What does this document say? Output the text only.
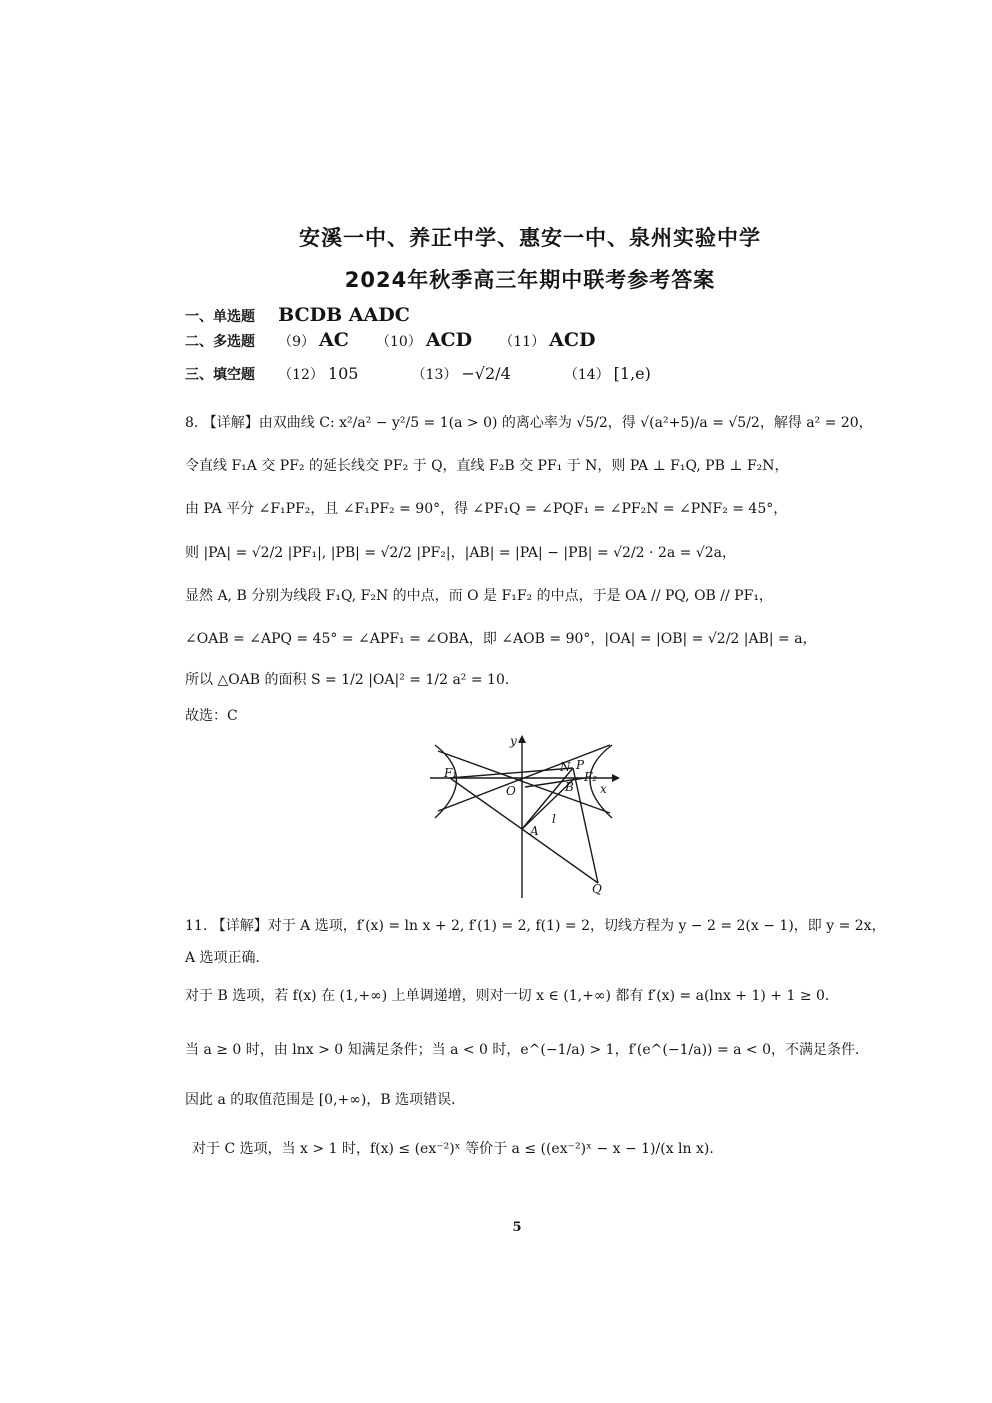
安溪一中、养正中学、惠安一中、泉州实验中学
2024年秋季高三年期中联考参考答案
一、单选题 BCDB AADC
二、多选题 （9） AC （10） ACD （11） ACD
三、填空题 （12） 105	（13） −√2/4	（14） [1,e)
8. 【详解】由双曲线 C: x²/a² − y²/5 = 1(a > 0) 的离心率为 √5/2，得 √(a²+5)/a = √5/2，解得 a² = 20，
令直线 F₁A 交 PF₂ 的延长线交 PF₂ 于 Q，直线 F₂B 交 PF₁ 于 N，则 PA ⊥ F₁Q, PB ⊥ F₂N，
由 PA 平分 ∠F₁PF₂，且 ∠F₁PF₂ = 90°，得 ∠PF₁Q = ∠PQF₁ = ∠PF₂N = ∠PNF₂ = 45°，
则 |PA| = √2/2 |PF₁|, |PB| = √2/2 |PF₂|，|AB| = |PA| − |PB| = √2/2 · 2a = √2a，
显然 A, B 分别为线段 F₁Q, F₂N 的中点，而 O 是 F₁F₂ 的中点，于是 OA // PQ, OB // PF₁，
∠OAB = ∠APQ = 45° = ∠APF₁ = ∠OBA，即 ∠AOB = 90°，|OA| = |OB| = √2/2 |AB| = a，
所以 △OAB 的面积 S = 1/2 |OA|² = 1/2 a² = 10．
故选：C
y
x
O
F₁	F₂
N P
B
A
l
Q
11. 【详解】对于 A 选项，f′(x) = ln x + 2, f′(1) = 2, f(1) = 2，切线方程为 y − 2 = 2(x − 1)，即 y = 2x，
A 选项正确．
对于 B 选项，若 f(x) 在 (1,+∞) 上单调递增，则对一切 x ∈ (1,+∞) 都有 f′(x) = a(lnx + 1) + 1 ≥ 0．
当 a ≥ 0 时，由 lnx > 0 知满足条件；当 a < 0 时，e^(−1/a) > 1，f′(e^(−1/a)) = a < 0，不满足条件．
因此 a 的取值范围是 [0,+∞)，B 选项错误．
对于 C 选项，当 x > 1 时，f(x) ≤ (ex⁻²)ˣ 等价于 a ≤ ((ex⁻²)ˣ − x − 1)/(x ln x)．
5
